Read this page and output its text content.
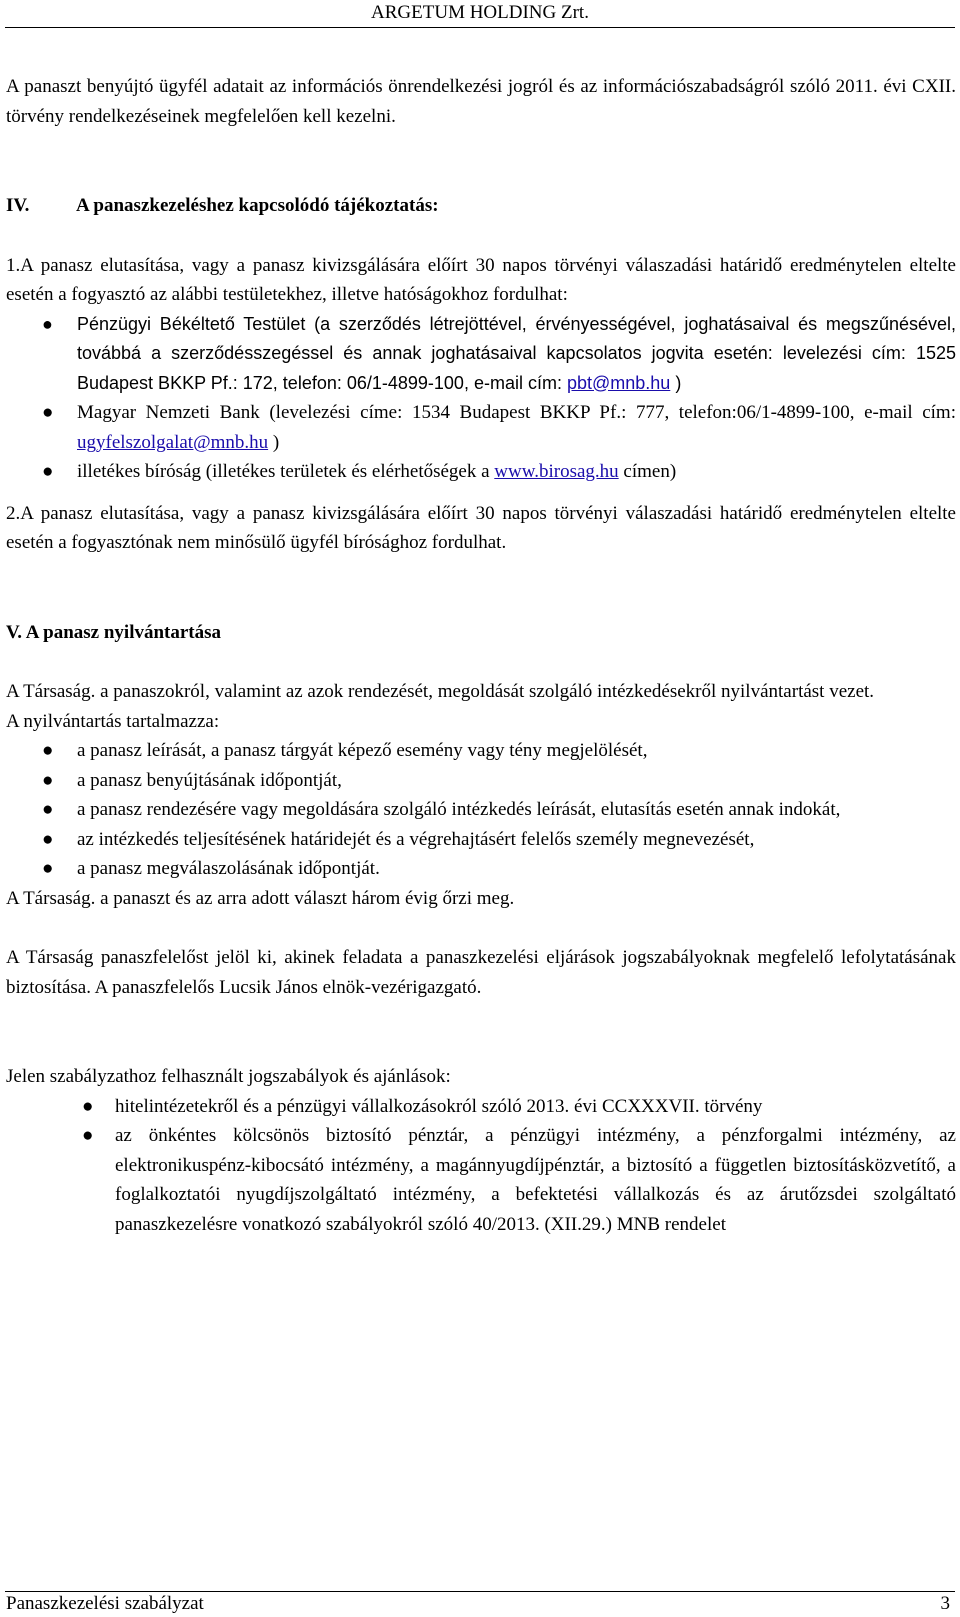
ARGETUM HOLDING Zrt.

A panaszt benyújtó ügyfél adatait az információs önrendelkezési jogról és az információszabadságról szóló 2011. évi CXII. törvény rendelkezéseinek megfelelően kell kezelni.

IV. A panaszkezeléshez kapcsolódó tájékoztatás:

1.A panasz elutasítása, vagy a panasz kivizsgálására előírt 30 napos törvényi válaszadási határidő eredménytelen eltelte esetén a fogyasztó az alábbi testületekhez, illetve hatóságokhoz fordulhat:

● Pénzügyi Békéltető Testület (a szerződés létrejöttével, érvényességével, joghatásaival és megszűnésével, továbbá a szerződésszegéssel és annak joghatásaival kapcsolatos jogvita esetén: levelezési cím: 1525 Budapest BKKP Pf.: 172, telefon: 06/1-4899-100, e-mail cím: pbt@mnb.hu )
● Magyar Nemzeti Bank (levelezési címe: 1534 Budapest BKKP Pf.: 777, telefon:06/1-4899-100, e-mail cím: ugyfelszolgalat@mnb.hu )
● illetékes bíróság (illetékes területek és elérhetőségek a www.birosag.hu címen)

2.A panasz elutasítása, vagy a panasz kivizsgálására előírt 30 napos törvényi válaszadási határidő eredménytelen eltelte esetén a fogyasztónak nem minősülő ügyfél bírósághoz fordulhat.

V. A panasz nyilvántartása

A Társaság. a panaszokról, valamint az azok rendezését, megoldását szolgáló intézkedésekről nyilvántartást vezet.

A nyilvántartás tartalmazza:

● a panasz leírását, a panasz tárgyát képező esemény vagy tény megjelölését,
● a panasz benyújtásának időpontját,
● a panasz rendezésére vagy megoldására szolgáló intézkedés leírását, elutasítás esetén annak indokát,
● az intézkedés teljesítésének határidejét és a végrehajtásért felelős személy megnevezését,
● a panasz megválaszolásának időpontját.

A Társaság. a panaszt és az arra adott választ három évig őrzi meg.

A Társaság panaszfelelőst jelöl ki, akinek feladata a panaszkezelési eljárások jogszabályoknak megfelelő lefolytatásának biztosítása. A panaszfelelős Lucsik János elnök-vezérigazgató.

Jelen szabályzathoz felhasznált jogszabályok és ajánlások:

● hitelintézetekről és a pénzügyi vállalkozásokról szóló 2013. évi CCXXXVII. törvény
● az önkéntes kölcsönös biztosító pénztár, a pénzügyi intézmény, a pénzforgalmi intézmény, az elektronikuspénz-kibocsátó intézmény, a magánnyugdíjpénztár, a biztosító a független biztosításközvetítő, a foglalkoztatói nyugdíjszolgáltató intézmény, a befektetési vállalkozás és az árutőzsdei szolgáltató panaszkezelésre vonatkozó szabályokról szóló 40/2013. (XII.29.) MNB rendelet
Panaszkezelési szabályzat	3
